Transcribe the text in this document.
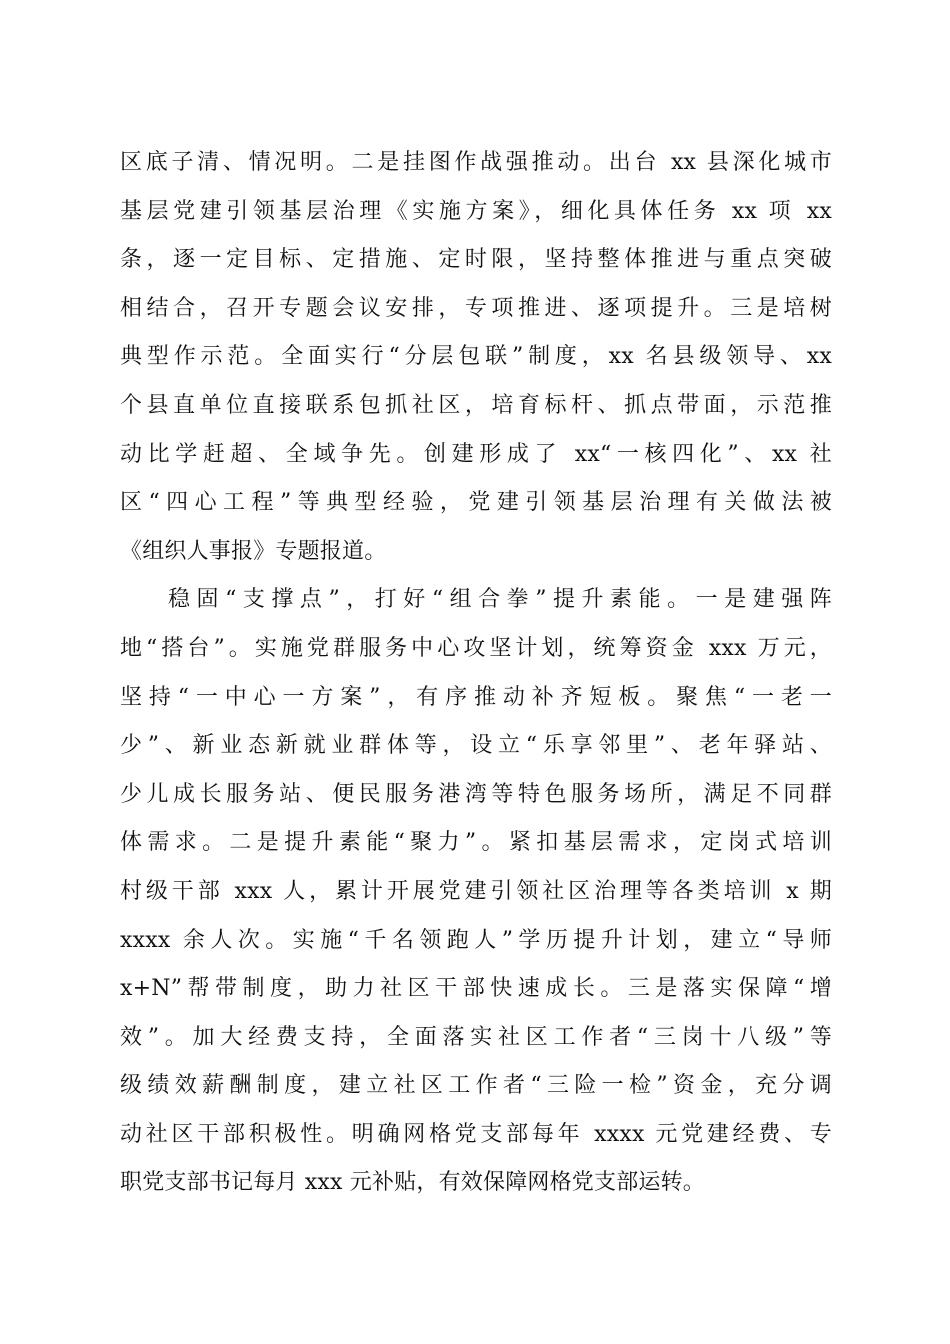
区底子清、情况明。二是挂图作战强推动。出台 xx 县深化城市
基层党建引领基层治理《实施方案》，细化具体任务 xx 项 xx
条，逐一定目标、定措施、定时限，坚持整体推进与重点突破
相结合，召开专题会议安排，专项推进、逐项提升。三是培树
典型作示范。全面实行“分层包联”制度，xx 名县级领导、xx
个县直单位直接联系包抓社区，培育标杆、抓点带面，示范推
动比学赶超、全域争先。创建形成了 xx“一核四化”、xx 社
区“四心工程”等典型经验，党建引领基层治理有关做法被
《组织人事报》专题报道。
稳固“支撑点”，打好“组合拳”提升素能。一是建强阵
地“搭台”。实施党群服务中心攻坚计划，统筹资金 xxx 万元，
坚持“一中心一方案”，有序推动补齐短板。聚焦“一老一
少”、新业态新就业群体等，设立“乐享邻里”、老年驿站、
少儿成长服务站、便民服务港湾等特色服务场所，满足不同群
体需求。二是提升素能“聚力”。紧扣基层需求，定岗式培训
村级干部 xxx 人，累计开展党建引领社区治理等各类培训 x 期
xxxx 余人次。实施“千名领跑人”学历提升计划，建立“导师
x+N”帮带制度，助力社区干部快速成长。三是落实保障“增
效”。加大经费支持，全面落实社区工作者“三岗十八级”等
级绩效薪酬制度，建立社区工作者“三险一检”资金，充分调
动社区干部积极性。明确网格党支部每年 xxxx 元党建经费、专
职党支部书记每月 xxx 元补贴，有效保障网格党支部运转。
